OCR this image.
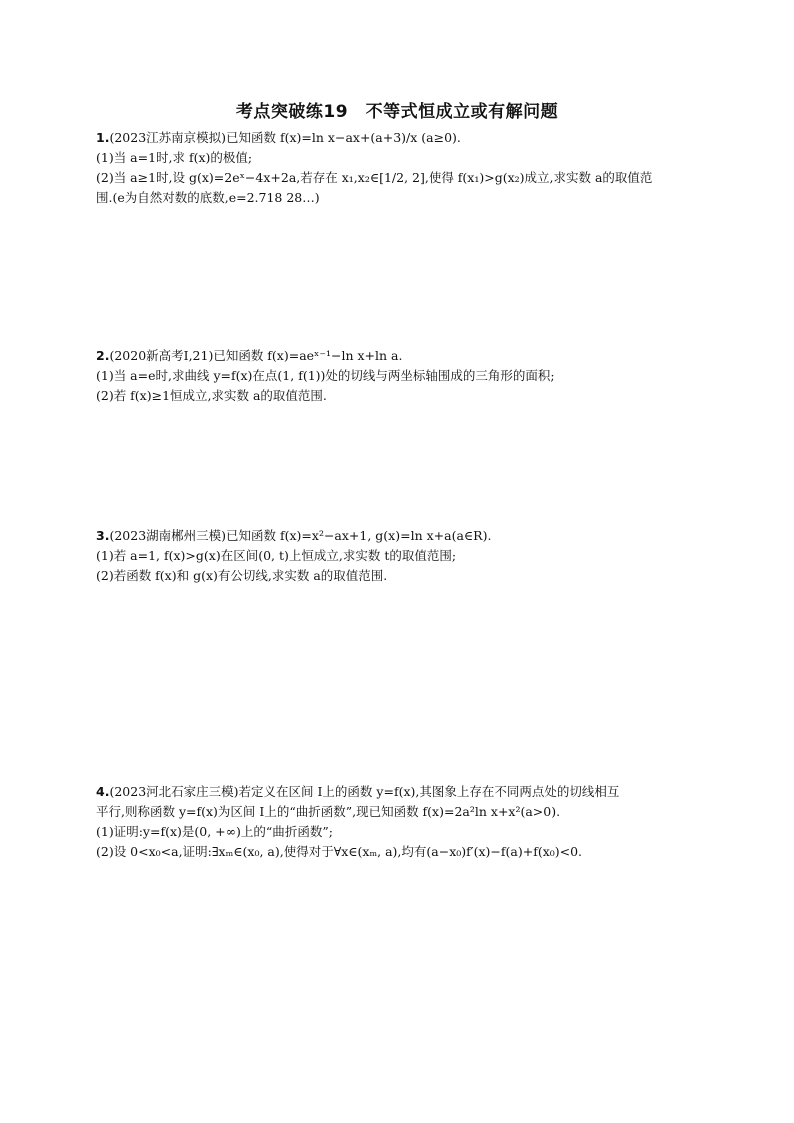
考点突破练19　不等式恒成立或有解问题
1.(2023江苏南京模拟)已知函数 f(x)=ln x−ax+(a+3)/x (a≥0).
(1)当 a=1时,求 f(x)的极值;
(2)当 a≥1时,设 g(x)=2eˣ−4x+2a,若存在 x₁,x₂∈[1/2, 2],使得 f(x₁)>g(x₂)成立,求实数 a的取值范
围.(e为自然对数的底数,e=2.718 28…)
2.(2020新高考Ⅰ,21)已知函数 f(x)=aeˣ⁻¹−ln x+ln a.
(1)当 a=e时,求曲线 y=f(x)在点(1, f(1))处的切线与两坐标轴围成的三角形的面积;
(2)若 f(x)≥1恒成立,求实数 a的取值范围.
3.(2023湖南郴州三模)已知函数 f(x)=x²−ax+1, g(x)=ln x+a(a∈R).
(1)若 a=1, f(x)>g(x)在区间(0, t)上恒成立,求实数 t的取值范围;
(2)若函数 f(x)和 g(x)有公切线,求实数 a的取值范围.
4.(2023河北石家庄三模)若定义在区间 I上的函数 y=f(x),其图象上存在不同两点处的切线相互
平行,则称函数 y=f(x)为区间 I上的“曲折函数”,现已知函数 f(x)=2a²ln x+x²(a>0).
(1)证明:y=f(x)是(0, +∞)上的“曲折函数”;
(2)设 0<x₀<a,证明:∃xₘ∈(x₀, a),使得对于∀x∈(xₘ, a),均有(a−x₀)f′(x)−f(a)+f(x₀)<0.
